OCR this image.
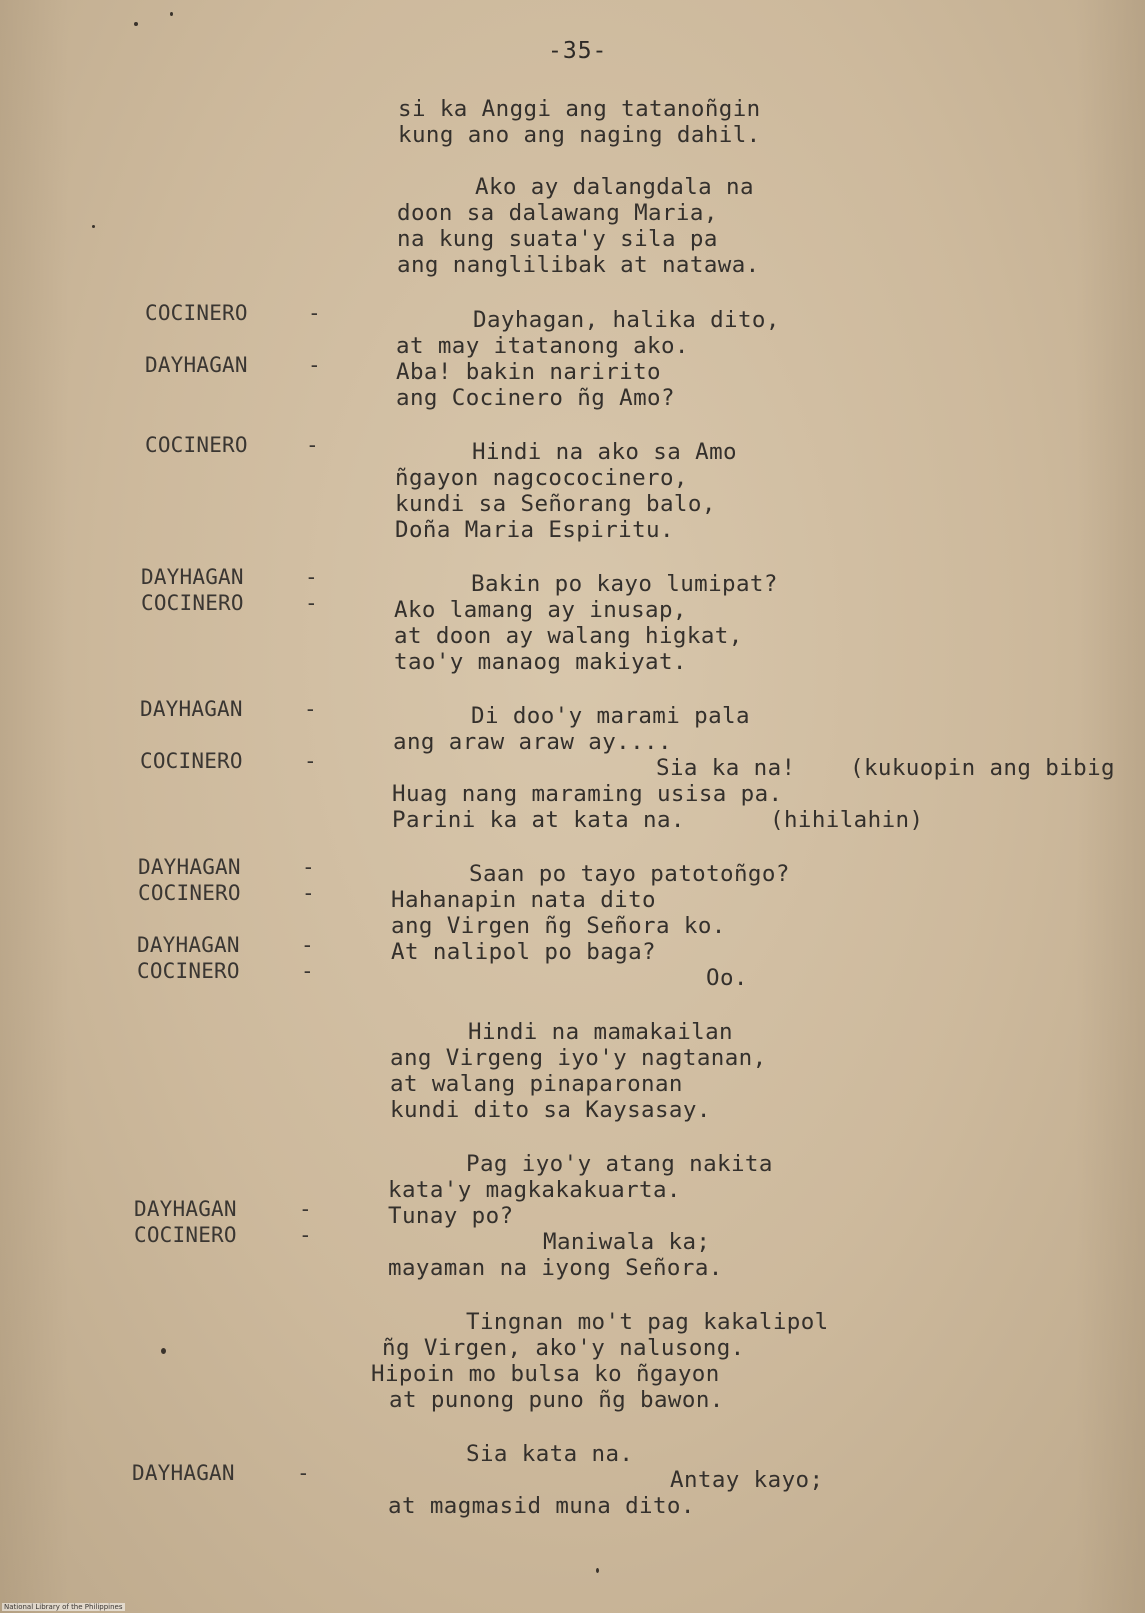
-35-
si ka Anggi ang tatanoñgin
kung ano ang naging dahil.
Ako ay dalangdala na
doon sa dalawang Maria,
na kung suata'y sila pa
ang nanglilibak at natawa.
Dayhagan, halika dito,
at may itatanong ako.
Aba! bakin naririto
ang Cocinero ñg Amo?
Hindi na ako sa Amo
ñgayon nagcococinero,
kundi sa Señorang balo,
Doña Maria Espiritu.
Bakin po kayo lumipat?
Ako lamang ay inusap,
at doon ay walang higkat,
tao'y manaog makiyat.
Di doo'y marami pala
ang araw araw ay....
Sia ka na! (kukuopin ang bibig
Huag nang maraming usisa pa.
Parini ka at kata na.	(hihilahin)
Saan po tayo patotoñgo?
Hahanapin nata dito
ang Virgen ñg Señora ko.
At nalipol po baga?
Oo.
Hindi na mamakailan
ang Virgeng iyo'y nagtanan,
at walang pinaparonan
kundi dito sa Kaysasay.
Pag iyo'y atang nakita
kata'y magkakakuarta.
Tunay po?
Maniwala ka;
mayaman na iyong Señora.
Tingnan mo't pag kakalipol
ñg Virgen, ako'y nalusong.
Hipoin mo bulsa ko ñgayon
at punong puno ñg bawon.
Sia kata na.
Antay kayo;
at magmasid muna dito.
COCINERO
DAYHAGAN
COCINERO
DAYHAGAN
COCINERO
DAYHAGAN
COCINERO
DAYHAGAN
COCINERO
DAYHAGAN
COCINERO
DAYHAGAN
COCINERO
DAYHAGAN
-
-
-
-
-
-
-
-
-
-
-
-
-
-
National Library of the Philippines
